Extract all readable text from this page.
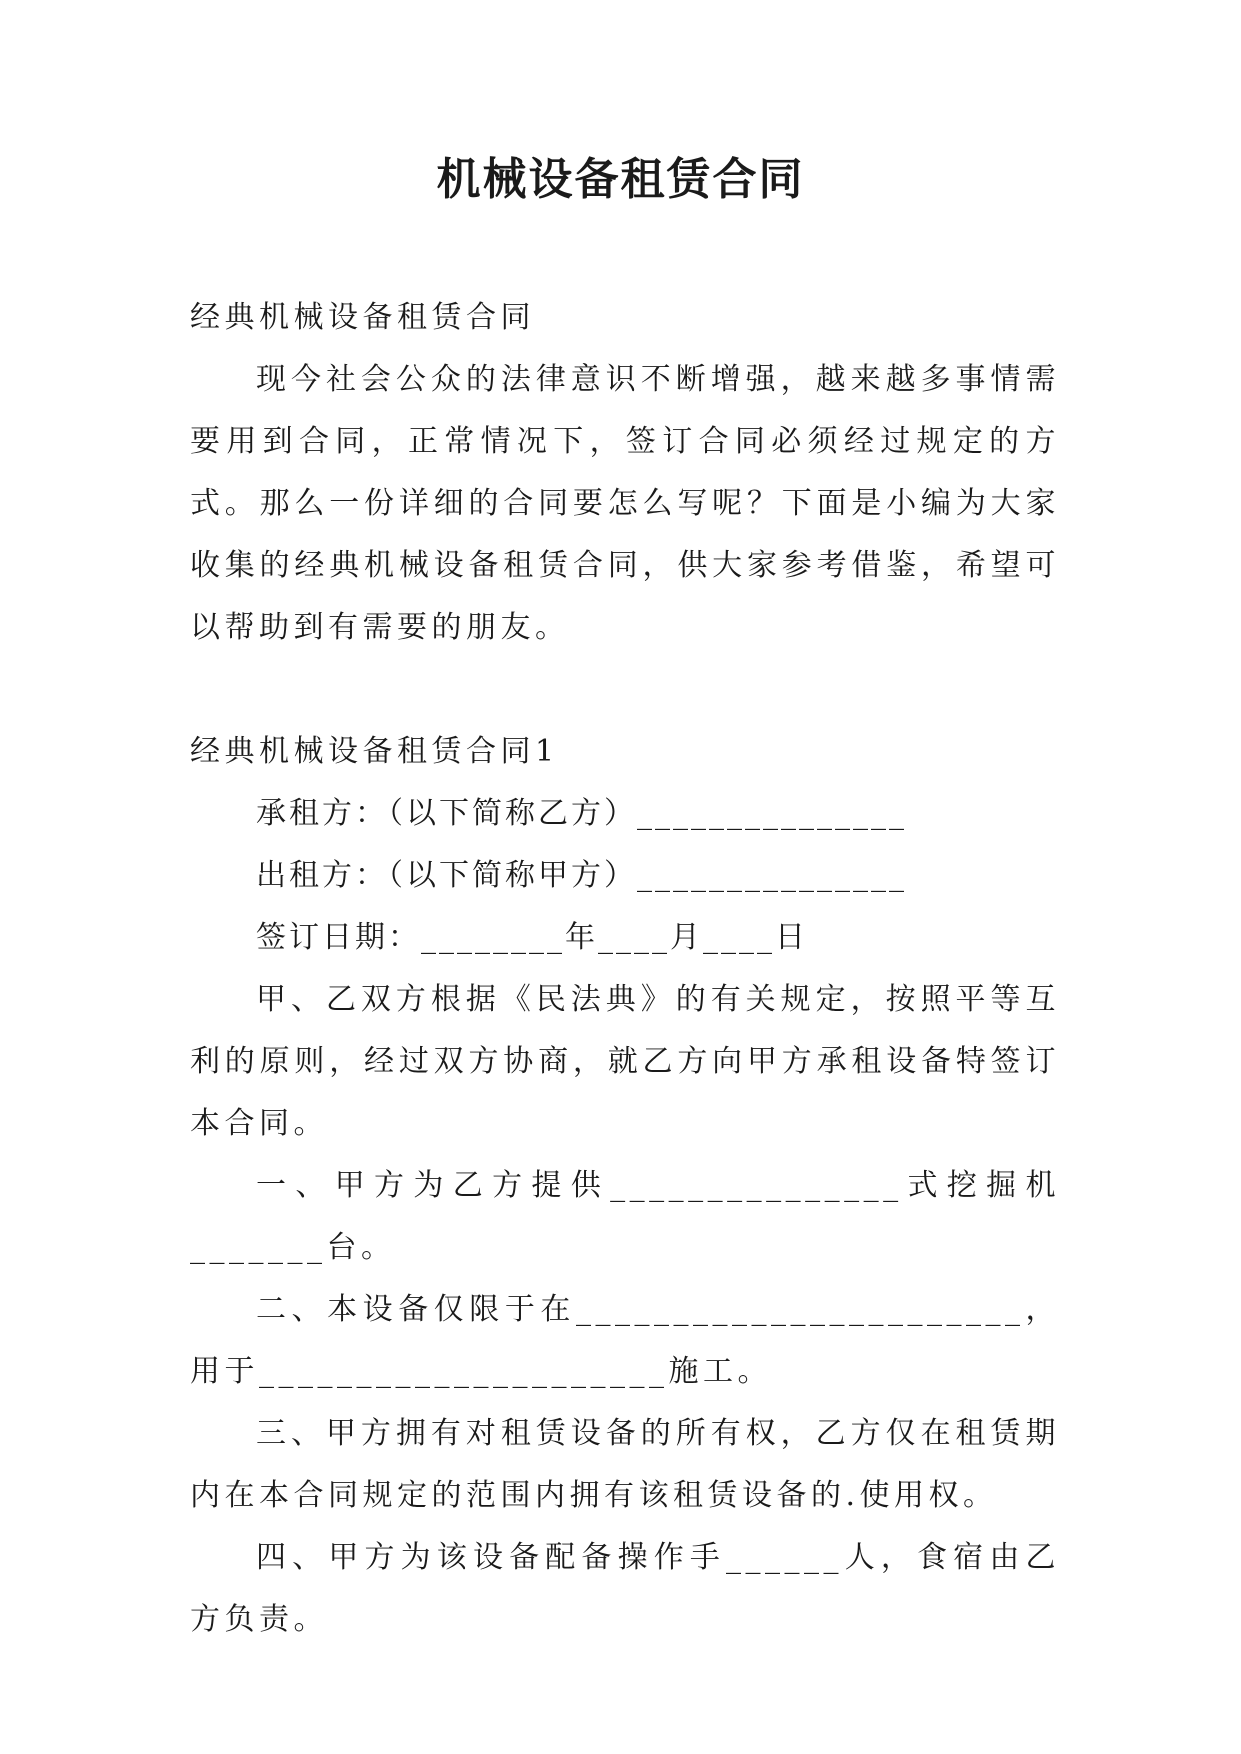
机械设备租赁合同

经典机械设备租赁合同

现今社会公众的法律意识不断增强，越来越多事情需要用到合同，正常情况下，签订合同必须经过规定的方式。那么一份详细的合同要怎么写呢？下面是小编为大家收集的经典机械设备租赁合同，供大家参考借鉴，希望可以帮助到有需要的朋友。

经典机械设备租赁合同1

承租方：（以下简称乙方）_______________

出租方：（以下简称甲方）_______________

签订日期：________年____月____日

甲、乙双方根据《民法典》的有关规定，按照平等互利的原则，经过双方协商，就乙方向甲方承租设备特签订本合同。

一、甲方为乙方提供_______________式挖掘机_______台。

二、本设备仅限于在_______________________，用于_____________________施工。

三、甲方拥有对租赁设备的所有权，乙方仅在租赁期内在本合同规定的范围内拥有该租赁设备的.使用权。

四、甲方为该设备配备操作手______人，食宿由乙方负责。
